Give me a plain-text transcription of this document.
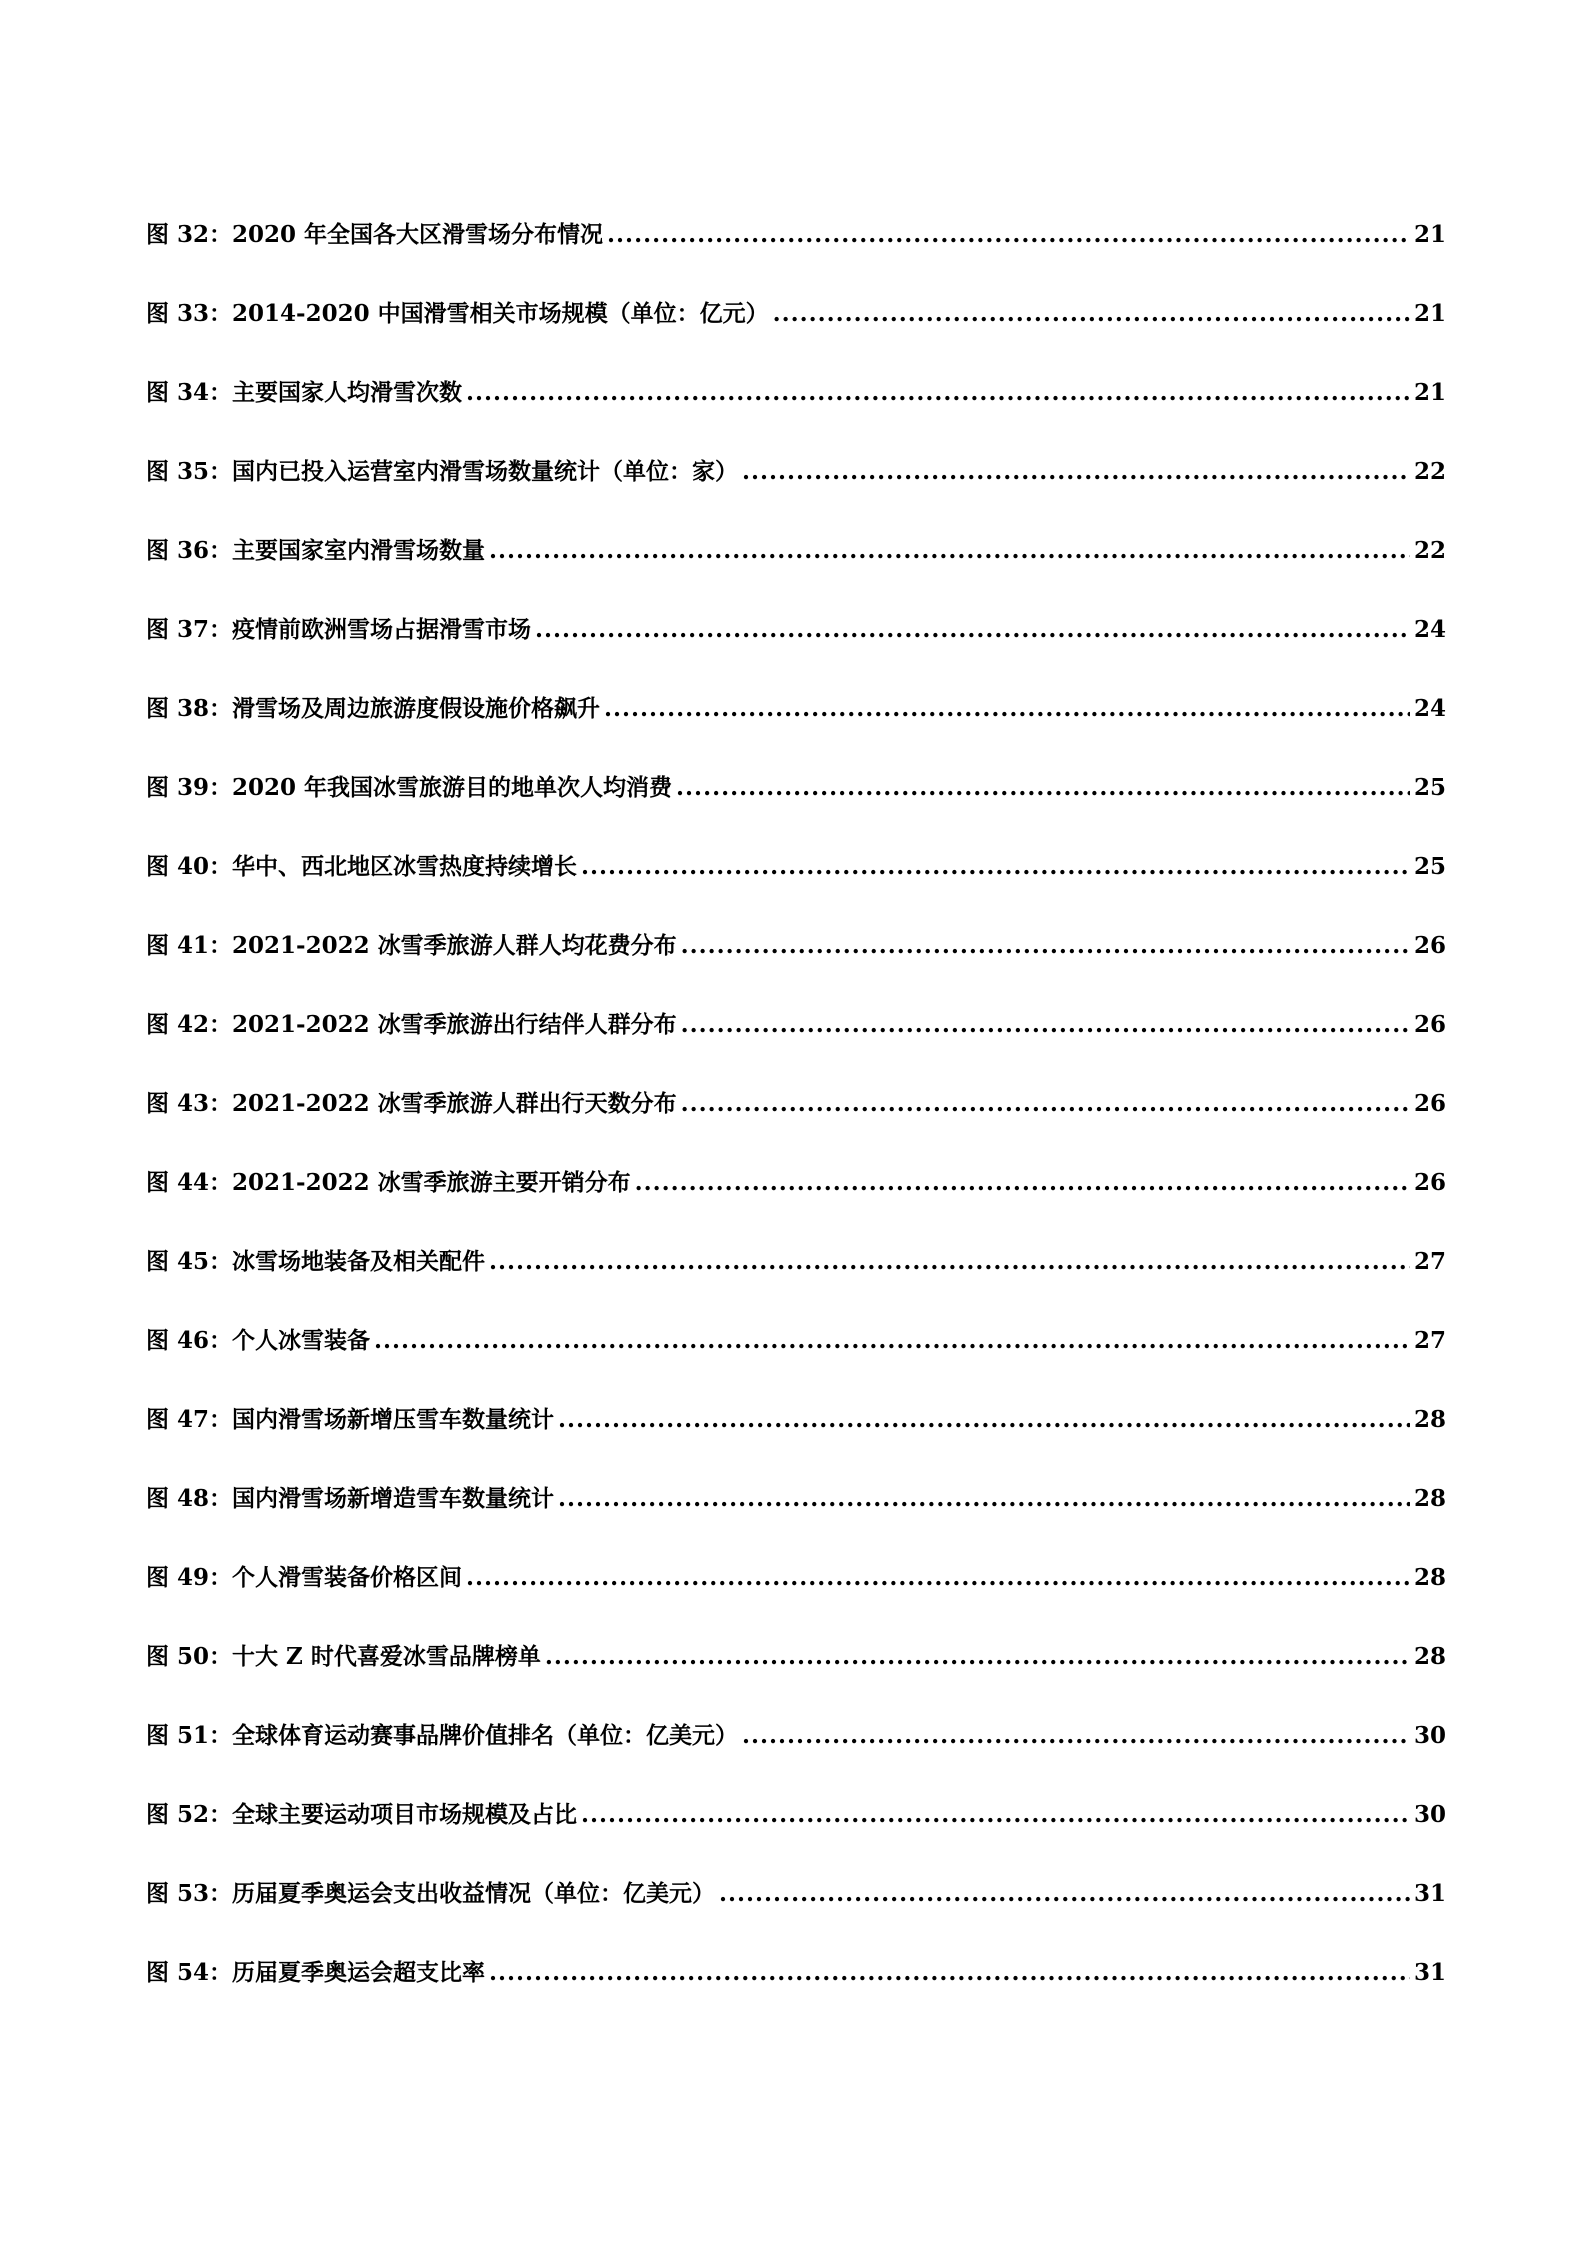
图 32：2020 年全国各大区滑雪场分布情况 .....	21
图 33：2014-2020 中国滑雪相关市场规模（单位：亿元） .....	21
图 34：主要国家人均滑雪次数 .....	21
图 35：国内已投入运营室内滑雪场数量统计（单位：家） .....	22
图 36：主要国家室内滑雪场数量 .....	22
图 37：疫情前欧洲雪场占据滑雪市场 .....	24
图 38：滑雪场及周边旅游度假设施价格飙升 .....	24
图 39：2020 年我国冰雪旅游目的地单次人均消费 .....	25
图 40：华中、西北地区冰雪热度持续增长 .....	25
图 41：2021-2022 冰雪季旅游人群人均花费分布 .....	26
图 42：2021-2022 冰雪季旅游出行结伴人群分布 .....	26
图 43：2021-2022 冰雪季旅游人群出行天数分布 .....	26
图 44：2021-2022 冰雪季旅游主要开销分布 .....	26
图 45：冰雪场地装备及相关配件 .....	27
图 46：个人冰雪装备 .....	27
图 47：国内滑雪场新增压雪车数量统计 .....	28
图 48：国内滑雪场新增造雪车数量统计 .....	28
图 49：个人滑雪装备价格区间 .....	28
图 50：十大 Z 时代喜爱冰雪品牌榜单 .....	28
图 51：全球体育运动赛事品牌价值排名（单位：亿美元） .....	30
图 52：全球主要运动项目市场规模及占比 .....	30
图 53：历届夏季奥运会支出收益情况（单位：亿美元） .....	31
图 54：历届夏季奥运会超支比率 .....	31
